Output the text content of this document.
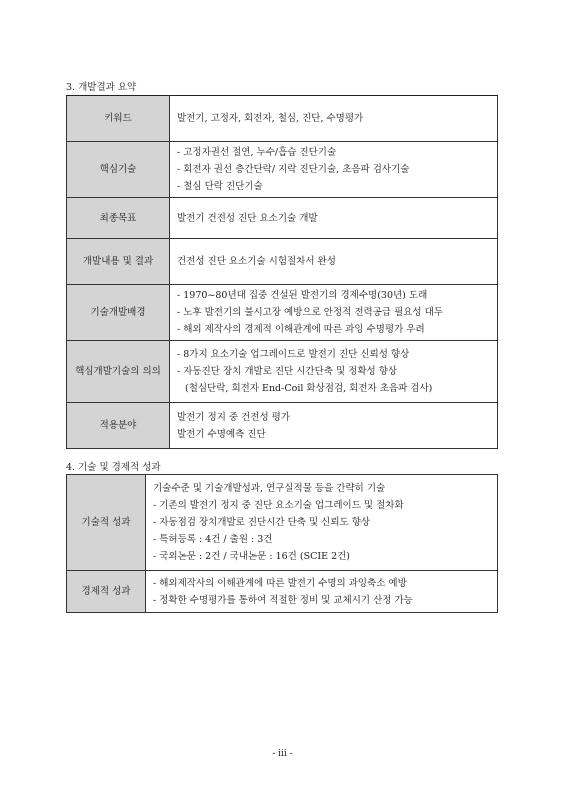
3. 개발결과 요약
키워드	발전기, 고정자, 회전자, 철심, 진단, 수명평가
핵심기술	- 고정자권선 절연, 누수/흡습 진단기술
- 회전자 권선 층간단락/ 지락 진단기술, 초음파 검사기술
- 철심 단락 진단기술

최종목표	발전기 건전성 진단 요소기술 개발
개발내용 및 결과	건전성 진단 요소기술 시험절차서 완성
기술개발배경	- 1970~80년대 집중 건설된 발전기의 경제수명(30년) 도래
- 노후 발전기의 불시고장 예방으로 안정적 전력공급 필요성 대두
- 해외 제작사의 경제적 이해관계에 따른 과잉 수명평가 우려

핵심개발기술의 의의	- 8가지 요소기술 업그레이드로 발전기 진단 신뢰성 향상
- 자동진단 장치 개발로 진단 시간단축 및 정확성 향상
(철심단락, 회전자 End-Coil 화상점검, 회전자 초음파 검사)

적용분야	발전기 정지 중 건전성 평가
발전기 수명예측 진단
4. 기술 및 경제적 성과
기술적 성과	기술수준 및 기술개발성과, 연구실적물 등을 간략히 기술
- 기존의 발전기 정지 중 진단 요소기술 업그레이드 및 절차화
- 자동점검 장치개발로 진단시간 단축 및 신뢰도 향상
- 특허등록 : 4건 / 출원 : 3건
- 국외논문 : 2건 / 국내논문 : 16건 (SCIE 2건)

경제적 성과	- 해외제작사의 이해관계에 따른 발전기 수명의 과잉축소 예방
- 정확한 수명평가를 통하여 적절한 정비 및 교체시기 산정 가능
- iii -
